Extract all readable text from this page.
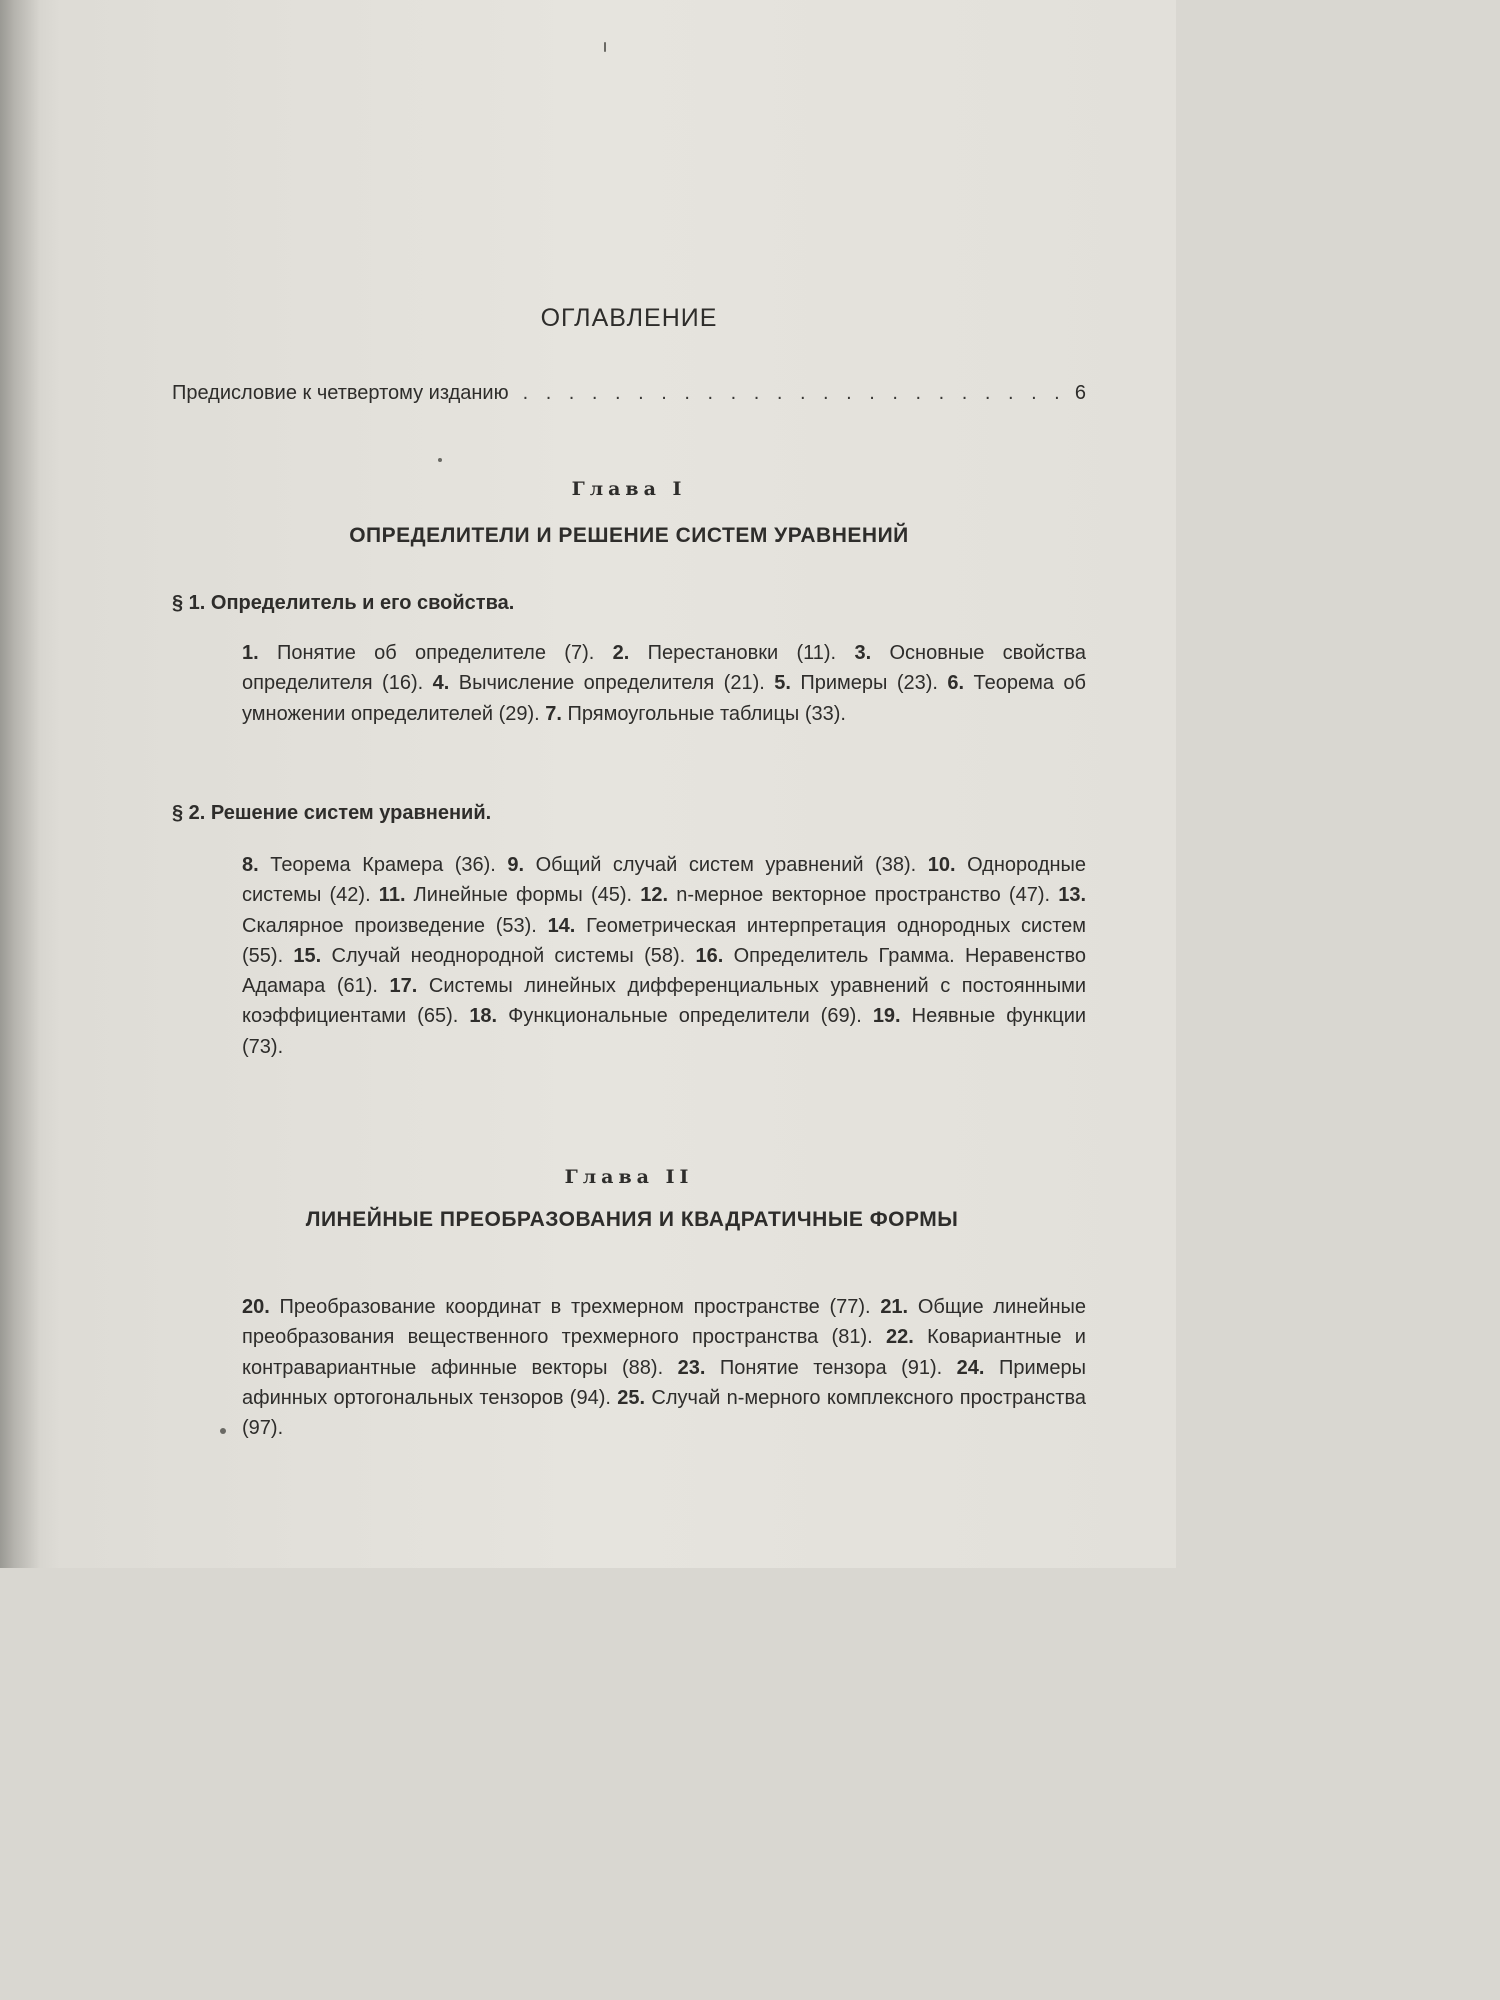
ОГЛАВЛЕНИЕ
Предисловие к четвертому изданию
. . .	6
Глава I
ОПРЕДЕЛИТЕЛИ И РЕШЕНИЕ СИСТЕМ УРАВНЕНИЙ
§ 1. Определитель и его свойства.

1. Понятие об определителе (7). 2. Перестановки (11). 3. Основные свойства определителя (16). 4. Вычисление определителя (21). 5. Примеры (23). 6. Теорема об умножении определителей (29). 7. Прямоугольные таблицы (33).

§ 2. Решение систем уравнений.

8. Теорема Крамера (36). 9. Общий случай систем уравнений (38). 10. Однородные системы (42). 11. Линейные формы (45). 12. n-мерное векторное пространство (47). 13. Скалярное произведение (53). 14. Геометрическая интерпретация однородных систем (55). 15. Случай неоднородной системы (58). 16. Определитель Грамма. Неравенство Адамара (61). 17. Системы линейных дифференциальных уравнений с постоянными коэффициентами (65). 18. Функциональные определители (69). 19. Неявные функции (73).

Глава II
ЛИНЕЙНЫЕ ПРЕОБРАЗОВАНИЯ И КВАДРАТИЧНЫЕ ФОРМЫ

20. Преобразование координат в трехмерном пространстве (77). 21. Общие линейные преобразования вещественного трехмерного пространства (81). 22. Ковариантные и контравариантные афинные векторы (88). 23. Понятие тензора (91). 24. Примеры афинных ортогональных тензоров (94). 25. Случай n-мерного комплексного пространства (97).
